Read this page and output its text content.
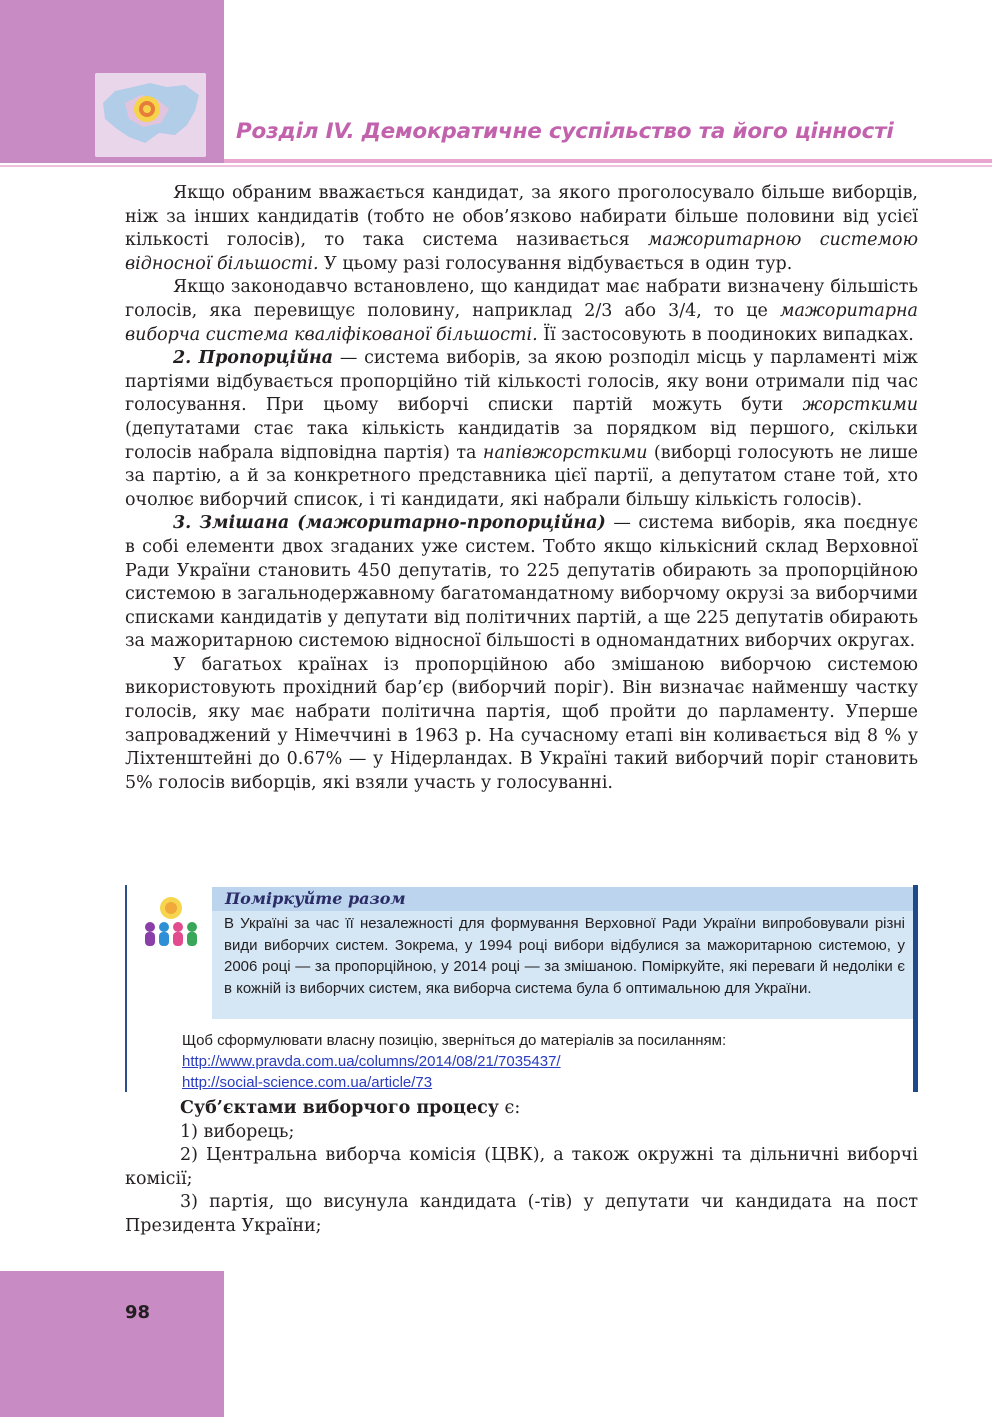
Розділ IV. Демократичне суспільство та його цінності

Якщо обраним вважається кандидат, за якого проголосувало більше виборців, ніж за інших кандидатів (тобто не обов’язково набирати більше половини від усієї кількості голосів), то така система називається мажоритарною системою відносної більшості. У цьому разі голосування відбувається в один тур.

Якщо законодавчо встановлено, що кандидат має набрати визначену більшість голосів, яка перевищує половину, наприклад 2/3 або 3/4, то це мажоритарна виборча система кваліфікованої більшості. Її застосовують в поодиноких випадках.

2. Пропорційна — система виборів, за якою розподіл місць у парламенті між партіями відбувається пропорційно тій кількості голосів, яку вони отримали під час голосування. При цьому виборчі списки партій можуть бути жорсткими (депутатами стає така кількість кандидатів за порядком від першого, скільки голосів набрала відповідна партія) та напівжорсткими (виборці голосують не лише за партію, а й за конкретного представника цієї партії, а депутатом стане той, хто очолює виборчий список, і ті кандидати, які набрали більшу кількість голосів).

3. Змішана (мажоритарно-пропорційна) — система виборів, яка поєднує в собі елементи двох згаданих уже систем. Тобто якщо кількісний склад Верховної Ради України становить 450 депутатів, то 225 депутатів обирають за пропорційною системою в загальнодержавному багатомандатному виборчому окрузі за виборчими списками кандидатів у депутати від політичних партій, а ще 225 депутатів обирають за мажоритарною системою відносної більшості в одномандатних виборчих округах.

У багатьох країнах із пропорційною або змішаною виборчою системою використовують прохідний бар’єр (виборчий поріг). Він визначає найменшу частку голосів, яку має набрати політична партія, щоб пройти до парламенту. Уперше запроваджений у Німеччині в 1963 р. На сучасному етапі він коливається від 8 % у Ліхтенштейні до 0.67% — у Нідерландах. В Україні такий виборчий поріг становить 5% голосів виборців, які взяли участь у голосуванні.

Поміркуйте разом
В Україні за час її незалежності для формування Верховної Ради України випробовували різні види виборчих систем. Зокрема, у 1994 році вибори відбулися за мажоритарною системою, у 2006 році — за пропорційною, у 2014 році — за змішаною. Поміркуйте, які переваги й недоліки є в кожній із виборчих систем, яка виборча система була б оптимальною для України.
Щоб сформулювати власну позицію, зверніться до матеріалів за посиланням:
http://www.pravda.com.ua/columns/2014/08/21/7035437/
http://social-science.com.ua/article/73

Суб’єктами виборчого процесу є:

1) виборець;

2) Центральна виборча комісія (ЦВК), а також окружні та дільничні виборчі комісії;

3) партія, що висунула кандидата (-тів) у депутати чи кандидата на пост Президента України;

98
